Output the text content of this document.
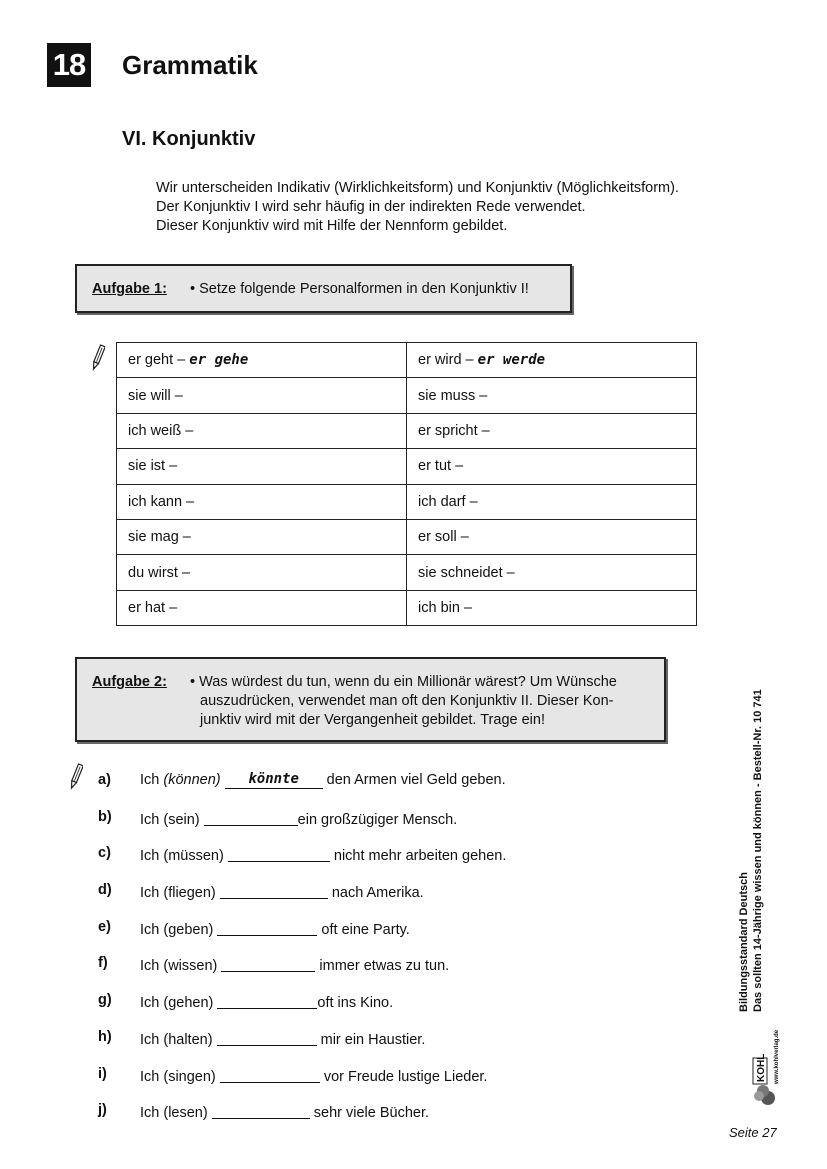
18 Grammatik
VI. Konjunktiv
Wir unterscheiden Indikativ (Wirklichkeitsform) und Konjunktiv (Möglichkeitsform).
Der Konjunktiv I wird sehr häufig in der indirekten Rede verwendet.
Dieser Konjunktiv wird mit Hilfe der Nennform gebildet.
Aufgabe 1: • Setze folgende Personalformen in den Konjunktiv I!
er geht – er gehe	er wird – er werde
sie will –	sie muss –
ich weiß –	er spricht –
sie ist –	er tut –
ich kann –	ich darf –
sie mag –	er soll –
du wirst –	sie schneidet –
er hat –	ich bin –
Aufgabe 2: • Was würdest du tun, wenn du ein Millionär wärest? Um Wünsche
auszudrücken, verwendet man oft den Konjunktiv II. Dieser Kon-
junktiv wird mit der Vergangenheit gebildet. Trage ein!
a) Ich (können) könnte den Armen viel Geld geben.
b) Ich (sein)	ein großzügiger Mensch.
c) Ich (müssen)	nicht mehr arbeiten gehen.
d) Ich (fliegen)	nach Amerika.
e) Ich (geben)	oft eine Party.
f) Ich (wissen)	immer etwas zu tun.
g) Ich (gehen)	oft ins Kino.
h) Ich (halten)	mir ein Haustier.
i) Ich (singen)	vor Freude lustige Lieder.
j) Ich (lesen)	sehr viele Bücher.
KOHL www.kohlverlag.de
Bildungsstandard Deutsch Das sollten 14-Jährige wissen und können - Bestell-Nr. 10 741
Seite 27
